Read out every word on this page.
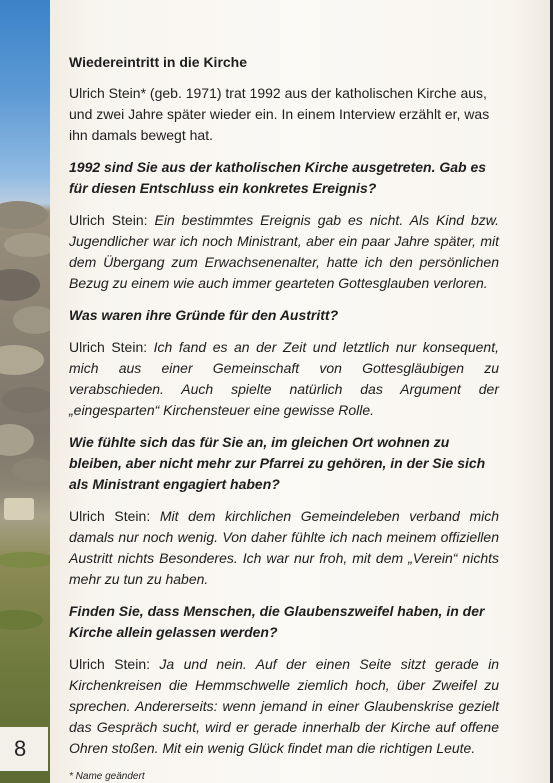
8
Wiedereintritt in die Kirche
Ulrich Stein* (geb. 1971) trat 1992 aus der katholischen Kirche aus, und zwei Jahre später wieder ein. In einem Interview erzählt er, was ihn damals bewegt hat.
1992 sind Sie aus der katholischen Kirche ausgetreten. Gab es für diesen Entschluss ein konkretes Ereignis?
Ulrich Stein: Ein bestimmtes Ereignis gab es nicht. Als Kind bzw. Jugendlicher war ich noch Ministrant, aber ein paar Jahre später, mit dem Übergang zum Erwachsenenalter, hatte ich den persönlichen Bezug zu einem wie auch immer gearteten Gottesglauben verloren.
Was waren ihre Gründe für den Austritt?
Ulrich Stein: Ich fand es an der Zeit und letztlich nur konsequent, mich aus einer Gemeinschaft von Gottesgläubigen zu verabschieden. Auch spielte natürlich das Argument der „eingesparten“ Kirchensteuer eine gewisse Rolle.
Wie fühlte sich das für Sie an, im gleichen Ort wohnen zu bleiben, aber nicht mehr zur Pfarrei zu gehören, in der Sie sich als Ministrant engagiert haben?
Ulrich Stein: Mit dem kirchlichen Gemeindeleben verband mich damals nur noch wenig. Von daher fühlte ich nach meinem offiziellen Austritt nichts Besonderes. Ich war nur froh, mit dem „Verein“ nichts mehr zu tun zu haben.
Finden Sie, dass Menschen, die Glaubenszweifel haben, in der Kirche allein gelassen werden?
Ulrich Stein: Ja und nein. Auf der einen Seite sitzt gerade in Kirchenkreisen die Hemmschwelle ziemlich hoch, über Zweifel zu sprechen. Andererseits: wenn jemand in einer Glaubenskrise gezielt das Gespräch sucht, wird er gerade innerhalb der Kirche auf offene Ohren stoßen. Mit ein wenig Glück findet man die richtigen Leute.
* Name geändert
